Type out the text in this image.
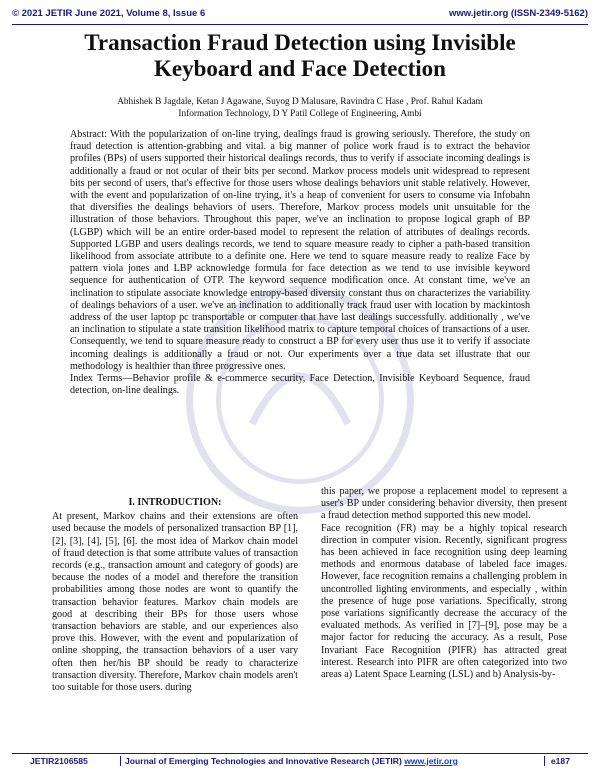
© 2021 JETIR June 2021, Volume 8, Issue 6	www.jetir.org (ISSN-2349-5162)
Transaction Fraud Detection using Invisible Keyboard and Face Detection
Abhishek B Jagdale, Ketan J Agawane, Suyog D Malusare, Ravindra C Hase , Prof. Rahul Kadam
Information Technology, D Y Patil College of Engineering, Ambi

Abstract: With the popularization of on-line trying, dealings fraud is growing seriously. Therefore, the study on fraud detection is attention-grabbing and vital. a big manner of police work fraud is to extract the behavior profiles (BPs) of users supported their historical dealings records, thus to verify if associate incoming dealings is additionally a fraud or not ocular of their bits per second. Markov process models unit widespread to represent bits per second of users, that's effective for those users whose dealings behaviors unit stable relatively. However, with the event and popularization of on-line trying, it's a heap of convenient for users to consume via Infobahn that diversifies the dealings behaviors of users. Therefore, Markov process models unit unsuitable for the illustration of those behaviors. Throughout this paper, we've an inclination to propose logical graph of BP (LGBP) which will be an entire order-based model to represent the relation of attributes of dealings records. Supported LGBP and users dealings records, we tend to square measure ready to cipher a path-based transition likelihood from associate attribute to a definite one. Here we tend to square measure ready to realize Face by pattern viola jones and LBP acknowledge formula for face detection as we tend to use invisible keyword sequence for authentication of OTP. The keyword sequence modification once. At constant time, we've an inclination to stipulate associate knowledge entropy-based diversity constant thus on characterizes the variability of dealings behaviors of a user. we've an inclination to additionally track fraud user with location by mackintosh address of the user laptop pc transportable or computer that have last dealings successfully. additionally , we've an inclination to stipulate a state transition likelihood matrix to capture temporal choices of transactions of a user. Consequently, we tend to square measure ready to construct a BP for every user thus use it to verify if associate incoming dealings is additionally a fraud or not. Our experiments over a true data set illustrate that our methodology is healthier than three progressive ones.

Index Terms—Behavior profile & e-commerce security, Face Detection, Invisible Keyboard Sequence, fraud detection, on-line dealings.

I. INTRODUCTION:

At present, Markov chains and their extensions are often used because the models of personalized transaction BP [1], [2], [3], [4], [5], [6]. the most idea of Markov chain model of fraud detection is that some attribute values of transaction records (e.g., transaction amount and category of goods) are because the nodes of a model and therefore the transition probabilities among those nodes are wont to quantify the transaction behavior features. Markov chain models are good at describing their BPs for those users whose transaction behaviors are stable, and our experiences also prove this. However, with the event and popularization of online shopping, the transaction behaviors of a user vary often then her/his BP should be ready to characterize transaction diversity. Therefore, Markov chain models aren't too suitable for those users. during

this paper, we propose a replacement model to represent a user's BP under considering behavior diversity, then present a fraud detection method supported this new model.

Face recognition (FR) may be a highly topical research direction in computer vision. Recently, significant progress has been achieved in face recognition using deep learning methods and enormous database of labeled face images. However, face recognition remains a challenging problem in uncontrolled lighting environments, and especially , within the presence of huge pose variations. Specifically, strong pose variations significantly decrease the accuracy of the evaluated methods. As verified in [7]–[9], pose may be a major factor for reducing the accuracy. As a result, Pose Invariant Face Recognition (PIFR) has attracted great interest. Research into PIFR are often categorized into two areas a) Latent Space Learning (LSL) and b) Analysis-by-

JETIR2106585	Journal of Emerging Technologies and Innovative Research (JETIR) www.jetir.org	e187
